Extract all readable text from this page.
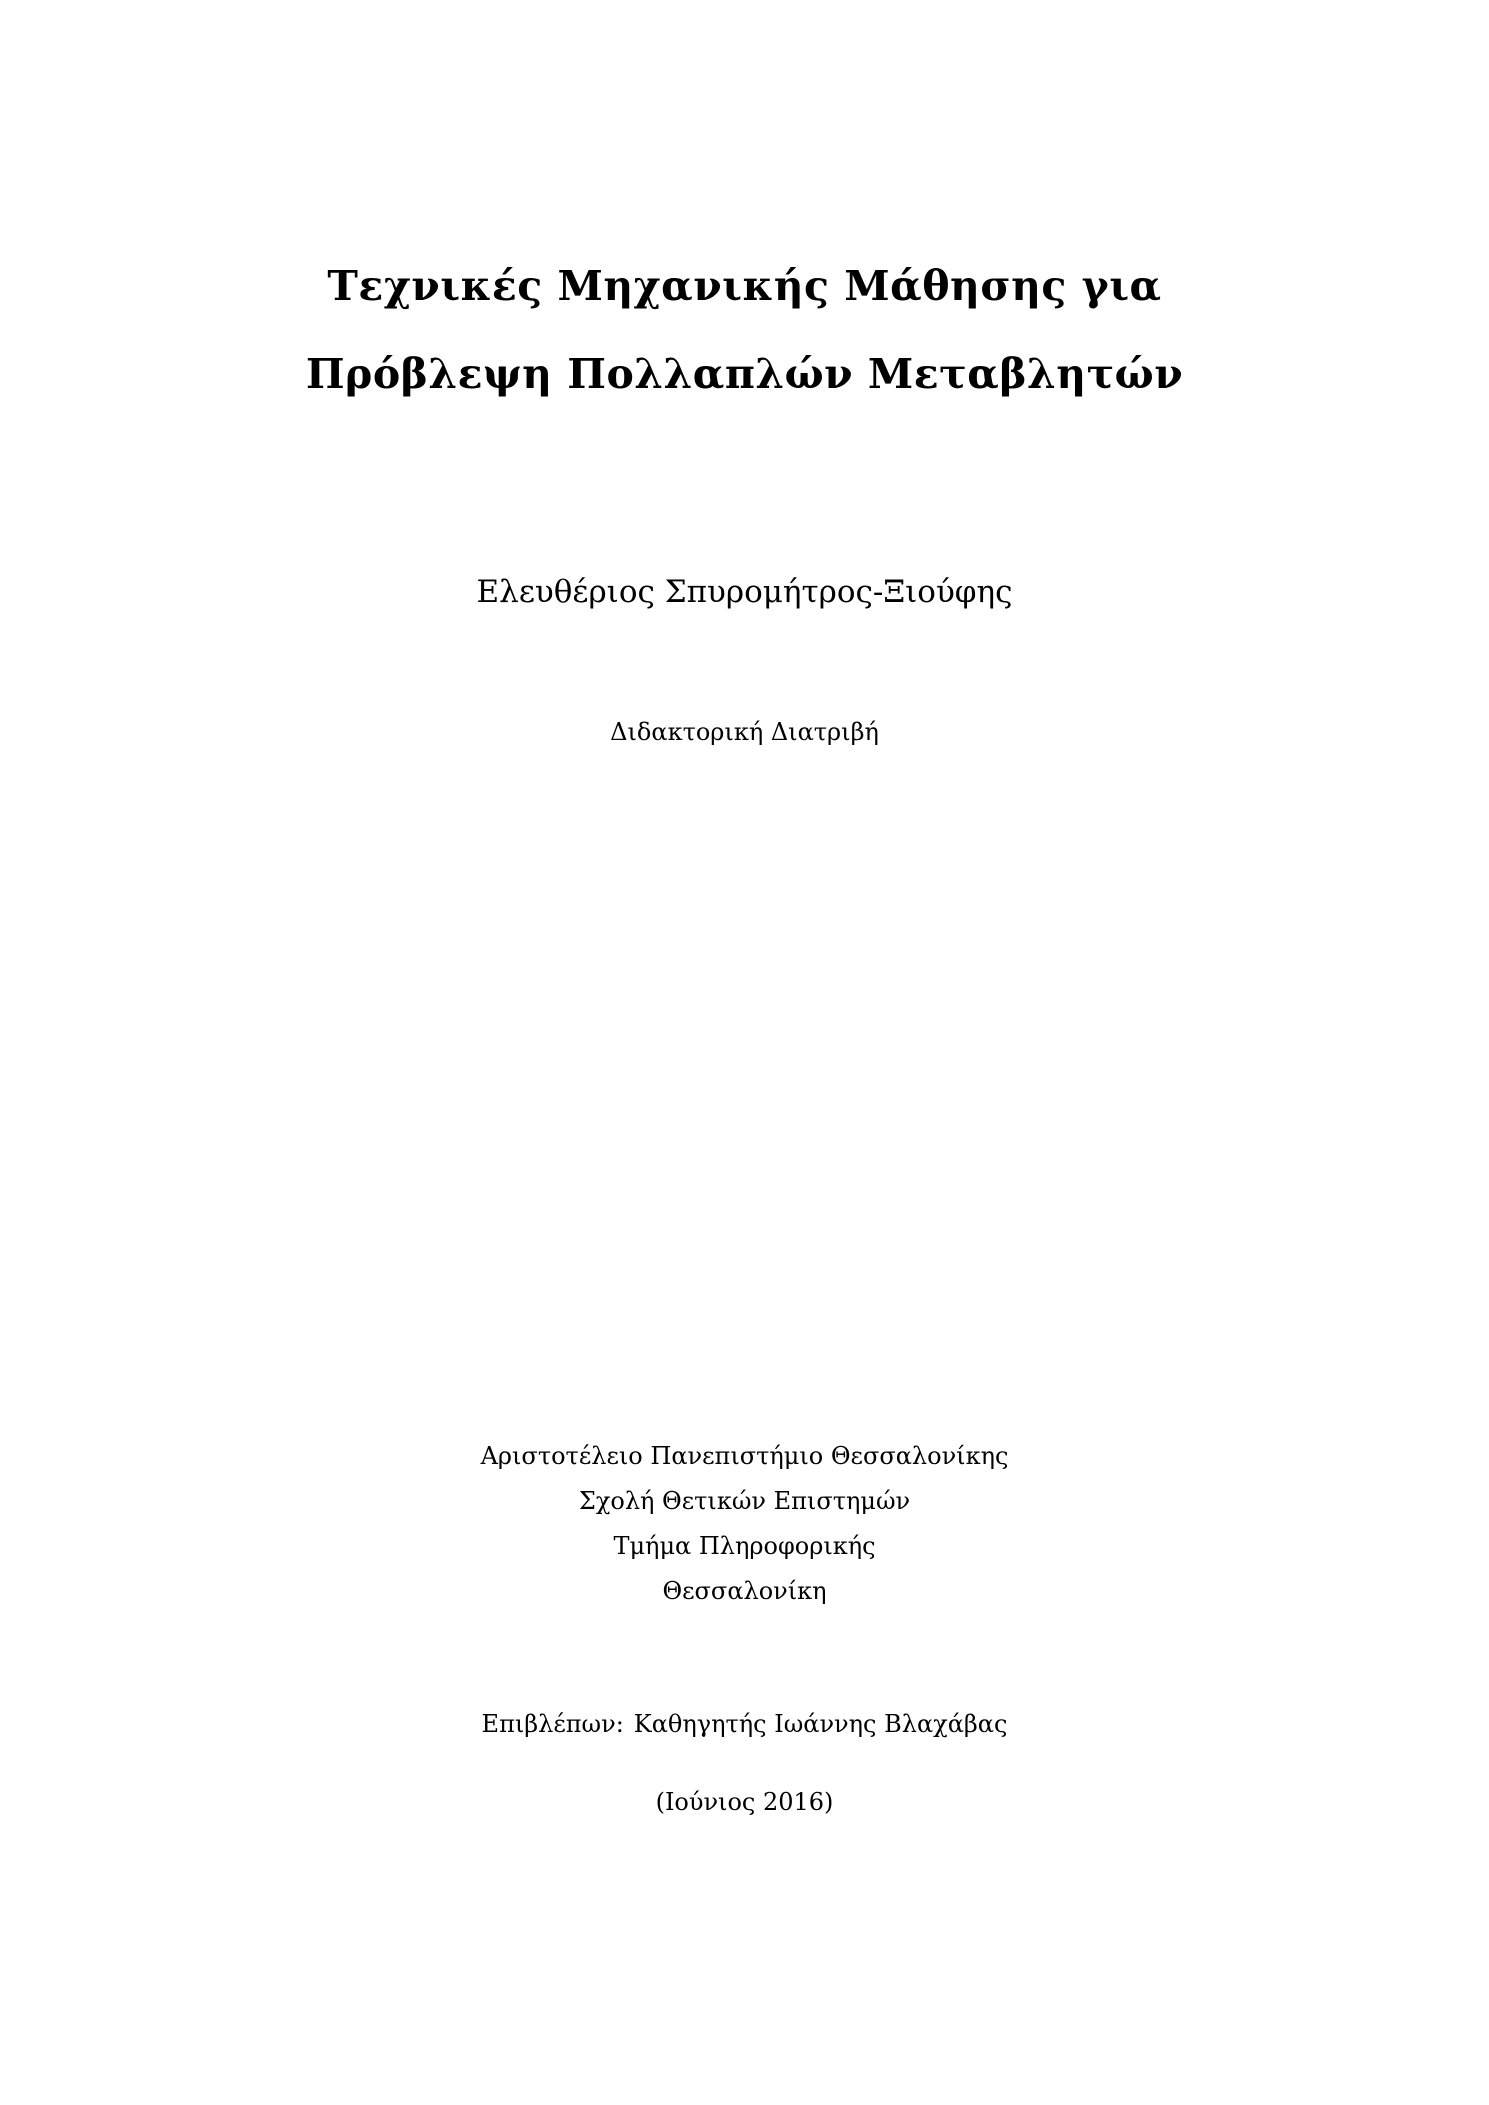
Τεχνικές Μηχανικής Μάθησης για
Πρόβλεψη Πολλαπλών Μεταβλητών
Ελευθέριος Σπυρομήτρος-Ξιούφης
Διδακτορική Διατριβή
Αριστοτέλειο Πανεπιστήμιο Θεσσαλονίκης
Σχολή Θετικών Επιστημών
Τμήμα Πληροφορικής
Θεσσαλονίκη
Επιβλέπων: Καθηγητής Ιωάννης Βλαχάβας
(Ιούνιος 2016)
